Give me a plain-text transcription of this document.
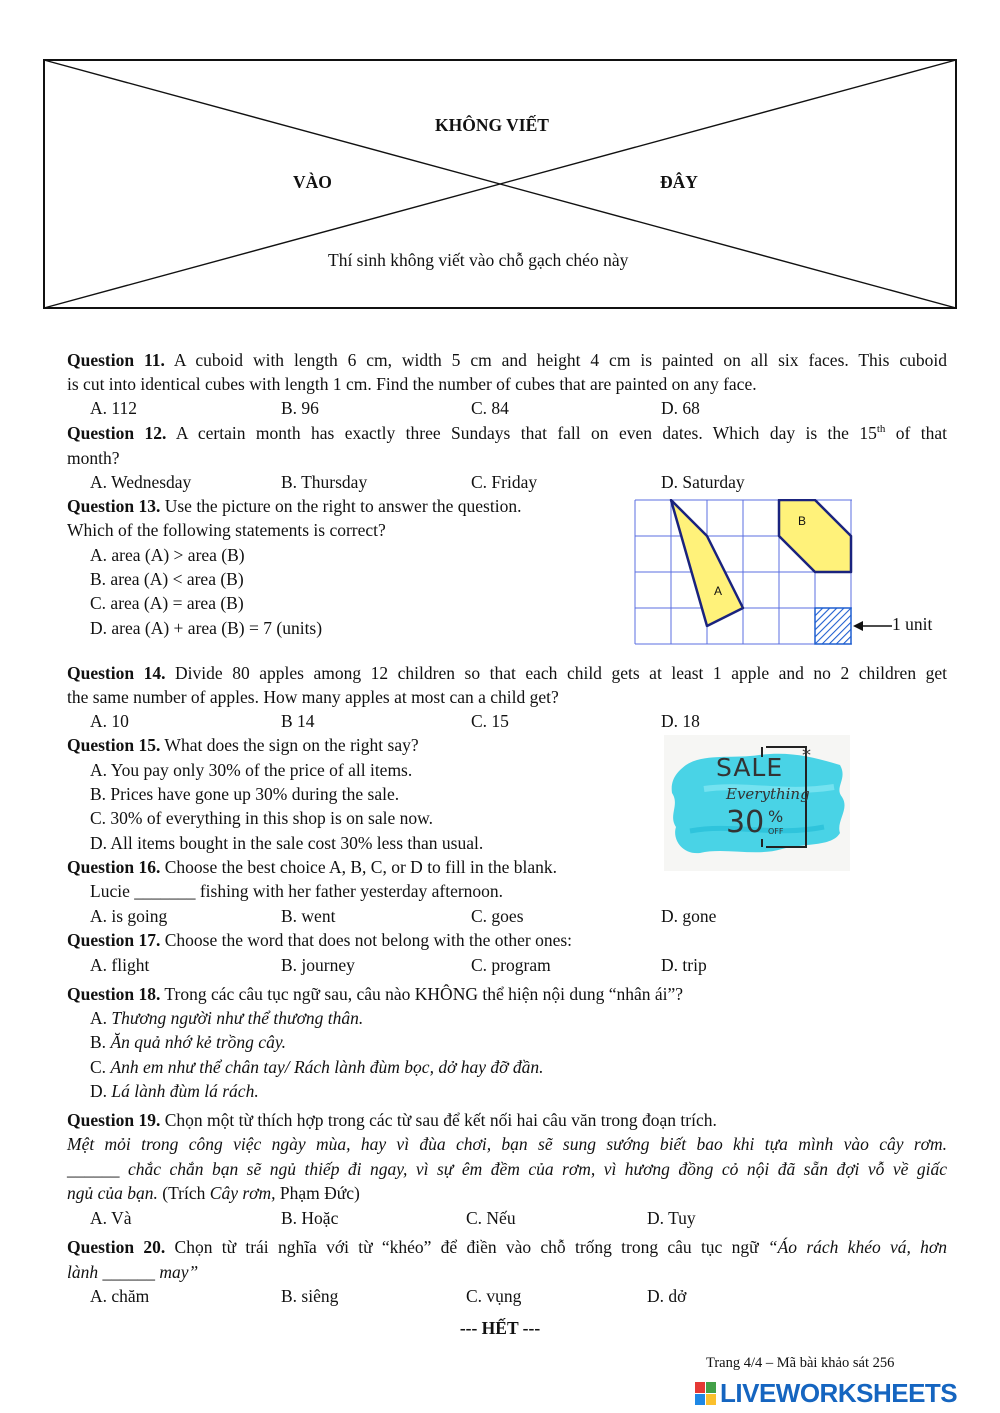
KHÔNG VIẾT
VÀO	ĐÂY
Thí sinh không viết vào chỗ gạch chéo này
Question 11. A cuboid with length 6 cm, width 5 cm and height 4 cm is painted on all six faces. This cuboid
is cut into identical cubes with length 1 cm. Find the number of cubes that are painted on any face.
A. 112	B. 96	C. 84	D. 68
Question 12. A certain month has exactly three Sundays that fall on even dates. Which day is the 15th of that
month?
A. Wednesday	B. Thursday	C. Friday	D. Saturday
Question 13. Use the picture on the right to answer the question.
Which of the following statements is correct?
A. area (A) > area (B)
B. area (A) < area (B)
C. area (A) = area (B)
D. area (A) + area (B) = 7 (units)
A
B
1 unit
Question 14. Divide 80 apples among 12 children so that each child gets at least 1 apple and no 2 children get
the same number of apples. How many apples at most can a child get?
A. 10	B 14	C. 15	D. 18
Question 15. What does the sign on the right say?
A. You pay only 30% of the price of all items.
B. Prices have gone up 30% during the sale.
C. 30% of everything in this shop is on sale now.
D. All items bought in the sale cost 30% less than usual.
SALE *
Everything
30 %
OFF
Question 16. Choose the best choice A, B, C, or D to fill in the blank.
Lucie _______ fishing with her father yesterday afternoon.
A. is going	B. went	C. goes	D. gone
Question 17. Choose the word that does not belong with the other ones:
A. flight	B. journey	C. program	D. trip
Question 18. Trong các câu tục ngữ sau, câu nào KHÔNG thể hiện nội dung “nhân ái”?
A. Thương người như thể thương thân.
B. Ăn quả nhớ kẻ trồng cây.
C. Anh em như thể chân tay/ Rách lành đùm bọc, dở hay đỡ đần.
D. Lá lành đùm lá rách.
Question 19. Chọn một từ thích hợp trong các từ sau để kết nối hai câu văn trong đoạn trích.
Mệt mỏi trong công việc ngày mùa, hay vì đùa chơi, bạn sẽ sung sướng biết bao khi tựa mình vào cây rơm.
______ chắc chắn bạn sẽ ngủ thiếp đi ngay, vì sự êm đềm của rơm, vì hương đồng cỏ nội đã sẵn đợi vỗ về giấc
ngủ của bạn. (Trích Cây rơm, Phạm Đức)
A. Và	B. Hoặc	C. Nếu	D. Tuy
Question 20. Chọn từ trái nghĩa với từ “khéo” để điền vào chỗ trống trong câu tục ngữ “Áo rách khéo vá, hơn
lành ______ may”
A. chăm	B. siêng	C. vụng	D. dở
--- HẾT ---
Trang 4/4 – Mã bài khảo sát 256
LIVEWORKSHEETS
